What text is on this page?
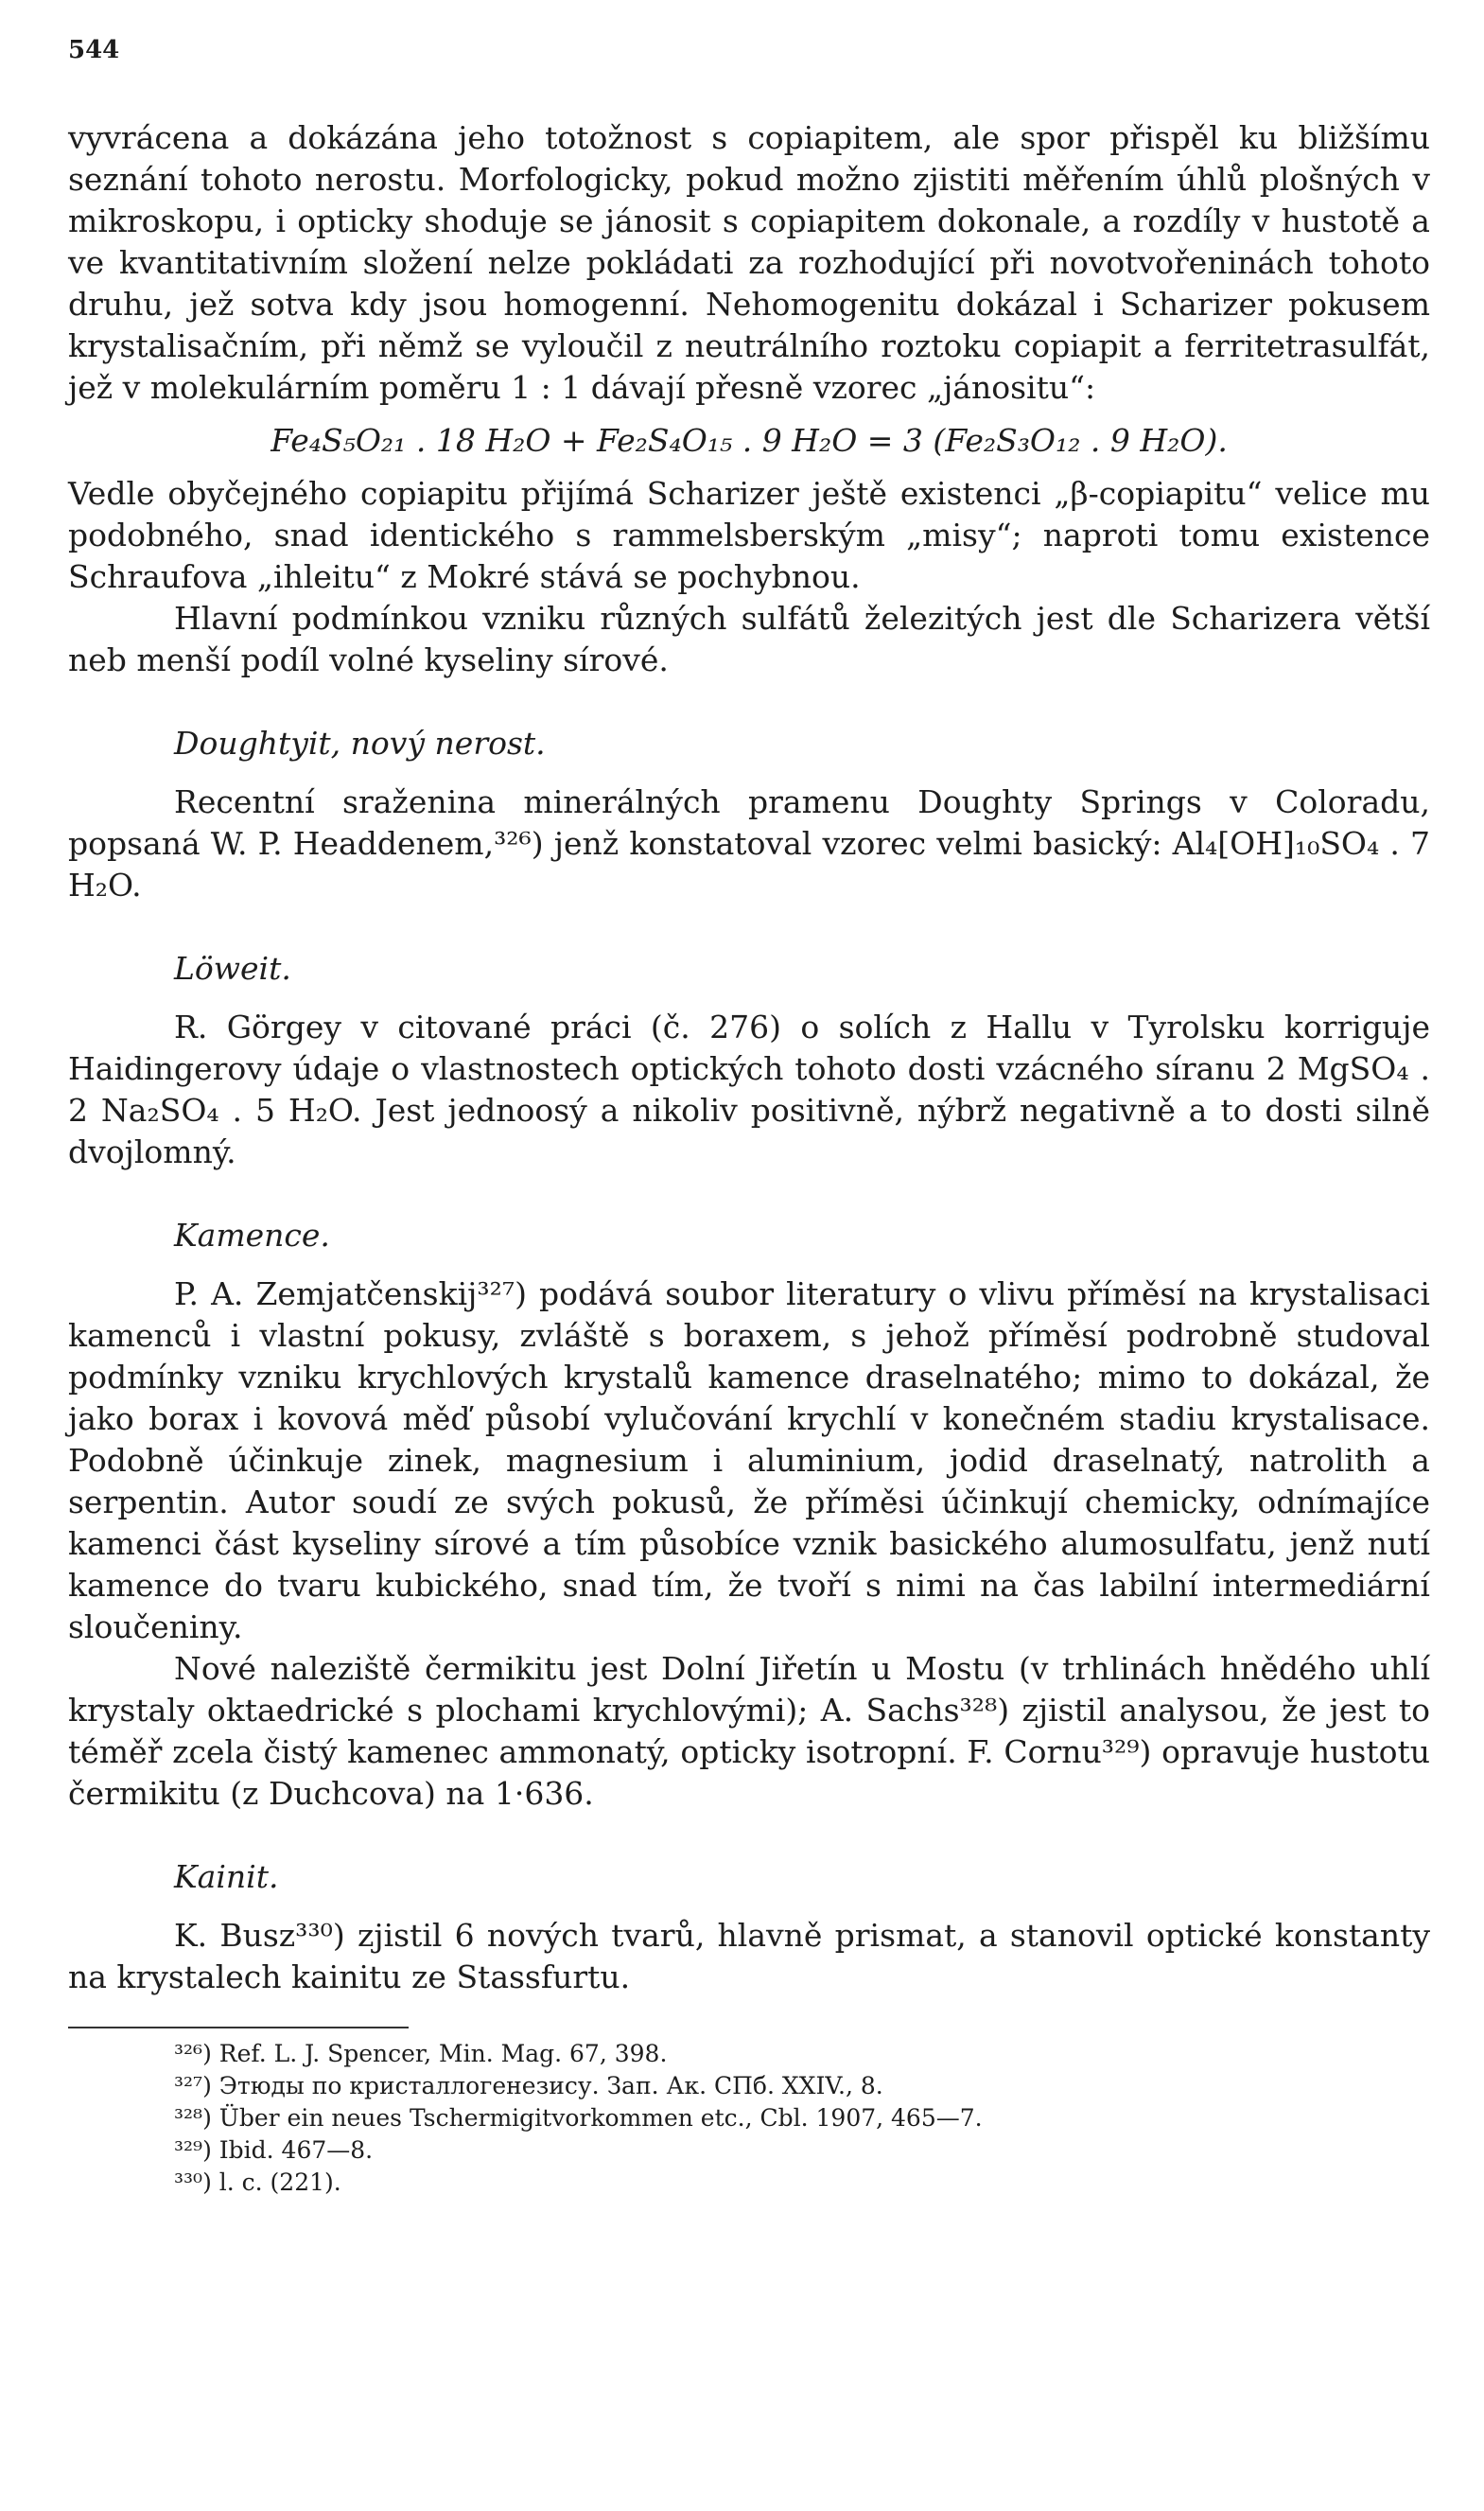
544

vyvrácena a dokázána jeho totožnost s copiapitem, ale spor přispěl ku bližšímu seznání tohoto nerostu. Morfologicky, pokud možno zjistiti měřením úhlů plošných v mikroskopu, i opticky shoduje se jánosit s copiapitem dokonale, a rozdíly v hustotě a ve kvantitativním složení nelze pokládati za rozhodující při novotvořeninách tohoto druhu, jež sotva kdy jsou homogenní. Nehomogenitu dokázal i Scharizer pokusem krystalisačním, při němž se vyloučil z neutrálního roztoku copiapit a ferritetrasulfát, jež v molekulárním poměru 1 : 1 dávají přesně vzorec „jánositu“:

Fe₄S₅O₂₁ . 18 H₂O + Fe₂S₄O₁₅ . 9 H₂O = 3 (Fe₂S₃O₁₂ . 9 H₂O).

Vedle obyčejného copiapitu přijímá Scharizer ještě existenci „β-copiapitu“ velice mu podobného, snad identického s rammelsberským „misy“; naproti tomu existence Schraufova „ihleitu“ z Mokré stává se pochybnou.

Hlavní podmínkou vzniku různých sulfátů železitých jest dle Scharizera větší neb menší podíl volné kyseliny sírové.

Doughtyit, nový nerost.

Recentní sraženina minerálných pramenu Doughty Springs v Coloradu, popsaná W. P. Headdenem,³²⁶) jenž konstatoval vzorec velmi basický: Al₄[OH]₁₀SO₄ . 7 H₂O.

Löweit.

R. Görgey v citované práci (č. 276) o solích z Hallu v Tyrolsku korriguje Haidingerovy údaje o vlastnostech optických tohoto dosti vzácného síranu 2 MgSO₄ . 2 Na₂SO₄ . 5 H₂O. Jest jednoosý a nikoliv positivně, nýbrž negativně a to dosti silně dvojlomný.

Kamence.

P. A. Zemjatčenskij³²⁷) podává soubor literatury o vlivu příměsí na krystalisaci kamenců i vlastní pokusy, zvláště s boraxem, s jehož příměsí podrobně studoval podmínky vzniku krychlových krystalů kamence draselnatého; mimo to dokázal, že jako borax i kovová měď působí vylučování krychlí v konečném stadiu krystalisace. Podobně účinkuje zinek, magnesium i aluminium, jodid draselnatý, natrolith a serpentin. Autor soudí ze svých pokusů, že příměsi účinkují chemicky, odnímajíce kamenci část kyseliny sírové a tím působíce vznik basického alumosulfatu, jenž nutí kamence do tvaru kubického, snad tím, že tvoří s nimi na čas labilní intermediární sloučeniny.

Nové naleziště čermikitu jest Dolní Jiřetín u Mostu (v trhlinách hnědého uhlí krystaly oktaedrické s plochami krychlovými); A. Sachs³²⁸) zjistil analysou, že jest to téměř zcela čistý kamenec ammonatý, opticky isotropní. F. Cornu³²⁹) opravuje hustotu čermikitu (z Duchcova) na 1·636.

Kainit.

K. Busz³³⁰) zjistil 6 nových tvarů, hlavně prismat, a stanovil optické konstanty na krystalech kainitu ze Stassfurtu.

³²⁶) Ref. L. J. Spencer, Min. Mag. 67, 398.
³²⁷) Этюды по кристаллогенезису. Зап. Ак. СПб. XXIV., 8.
³²⁸) Über ein neues Tschermigitvorkommen etc., Cbl. 1907, 465—7.
³²⁹) Ibid. 467—8.
³³⁰) l. c. (221).
